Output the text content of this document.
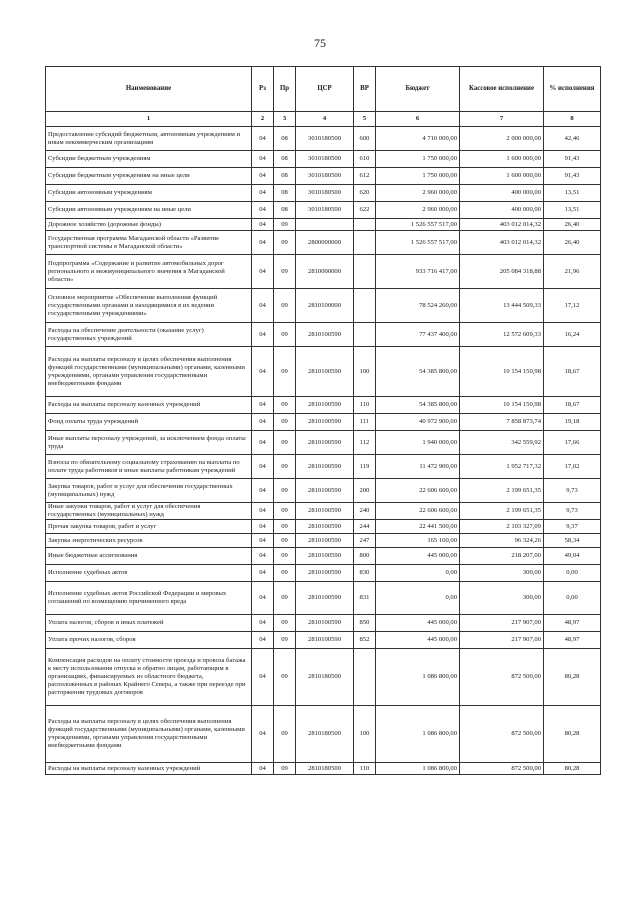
75
Наименование	Рз	Пр	ЦСР	ВР	Бюджет	Кассовое исполнение	% исполнения
1	2	3	4	5	6	7	8
Предоставление субсидий бюджетным, автономным учреждениям и иным некоммерческим организациям	04	08	3010180500	600	4 710 000,00	2 000 000,00	42,46
Субсидии бюджетным учреждениям	04	08	3010180500	610	1 750 000,00	1 600 000,00	91,43
Субсидии бюджетным учреждениям на иные цели	04	08	3010180500	612	1 750 000,00	1 600 000,00	91,43
Субсидии автономным учреждениям	04	08	3010180500	620	2 960 000,00	400 000,00	13,51
Субсидии автономным учреждениям на иные цели	04	08	3010180500	622	2 960 000,00	400 000,00	13,51
Дорожное хозяйство (дорожные фонды)	04	09			1 526 557 517,00	403 012 014,32	26,40
Государственная программа Магаданской области «Развитие транспортной системы в Магаданской области»	04	09	2800000000		1 526 557 517,00	403 012 014,32	26,40
Подпрограмма «Содержание и развитие автомобильных дорог регионального и межмуниципального значения в Магаданской области»	04	09	2810000000		933 716 417,00	205 084 318,88	21,96
Основное мероприятие «Обеспечение выполнения функций государственными органами и находящимися в их ведении государственными учреждениями»	04	09	2810100000		78 524 260,00	13 444 509,33	17,12
Расходы на обеспечение деятельности (оказание услуг) государственных учреждений	04	09	2810100590		77 437 400,00	12 572 609,33	16,24
Расходы на выплаты персоналу в целях обеспечения выполнения функций государственными (муниципальными) органами, казенными учреждениями, органами управления государственными внебюджетными фондами	04	09	2810100590	100	54 385 800,00	10 154 150,98	18,67
Расходы на выплаты персоналу казенных учреждений	04	09	2810100590	110	54 385 800,00	10 154 150,98	18,67
Фонд оплаты труда учреждений	04	09	2810100590	111	40 972 900,00	7 858 873,74	19,18
Иные выплаты персоналу учреждений, за исключением фонда оплаты труда	04	09	2810100590	112	1 940 000,00	342 559,92	17,66
Взносы по обязательному социальному страхованию на выплаты по оплате труда работников и иные выплаты работникам учреждений	04	09	2810100590	119	11 472 900,00	1 952 717,32	17,02
Закупка товаров, работ и услуг для обеспечения государственных (муниципальных) нужд	04	09	2810100590	200	22 606 600,00	2 199 651,35	9,73
Иные закупки товаров, работ и услуг для обеспечения государственных (муниципальных) нужд	04	09	2810100590	240	22 606 600,00	2 199 651,35	9,73
Прочая закупка товаров, работ и услуг	04	09	2810100590	244	22 441 500,00	2 103 327,09	9,37
Закупка энергетических ресурсов	04	09	2810100590	247	165 100,00	96 324,26	58,34
Иные бюджетные ассигнования	04	09	2810100590	800	445 000,00	218 207,00	49,04
Исполнение судебных актов	04	09	2810100590	830	0,00	300,00	0,00
Исполнение судебных актов Российской Федерации и мировых соглашений по возмещению причиненного вреда	04	09	2810100590	831	0,00	300,00	0,00
Уплата налогов, сборов и иных платежей	04	09	2810100590	850	445 000,00	217 907,00	48,97
Уплата прочих налогов, сборов	04	09	2810100590	852	445 000,00	217 907,00	48,97
Компенсация расходов на оплату стоимости проезда и провоза багажа к месту использования отпуска и обратно лицам, работающим в организациях, финансируемых из областного бюджета, расположенных в районах Крайнего Севера, а также при переезде при расторжении трудовых договоров	04	09	2810180500		1 086 800,00	872 500,00	80,28
Расходы на выплаты персоналу в целях обеспечения выполнения функций государственными (муниципальными) органами, казенными учреждениями, органами управления государственными внебюджетными фондами	04	09	2810180500	100	1 086 800,00	872 500,00	80,28
Расходы на выплаты персоналу казенных учреждений	04	09	2810180500	110	1 086 800,00	872 500,00	80,28
